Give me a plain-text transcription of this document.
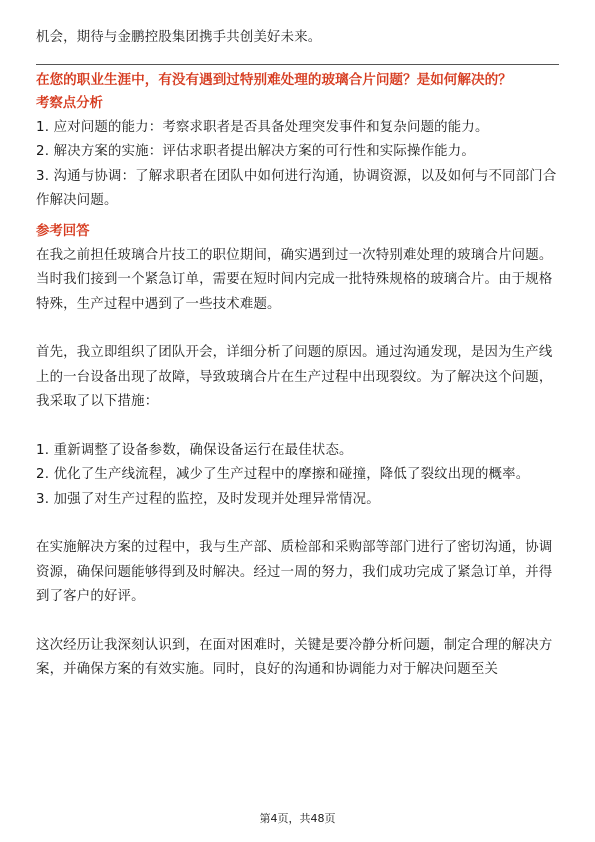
机会，期待与金鹏控股集团携手共创美好未来。

在您的职业生涯中，有没有遇到过特别难处理的玻璃合片问题？是如何解决的？

考察点分析

1. 应对问题的能力：考察求职者是否具备处理突发事件和复杂问题的能力。

2. 解决方案的实施：评估求职者提出解决方案的可行性和实际操作能力。

3. 沟通与协调：了解求职者在团队中如何进行沟通，协调资源，以及如何与不同部门合作解决问题。

参考回答

在我之前担任玻璃合片技工的职位期间，确实遇到过一次特别难处理的玻璃合片问题。当时我们接到一个紧急订单，需要在短时间内完成一批特殊规格的玻璃合片。由于规格特殊，生产过程中遇到了一些技术难题。

首先，我立即组织了团队开会，详细分析了问题的原因。通过沟通发现，是因为生产线上的一台设备出现了故障，导致玻璃合片在生产过程中出现裂纹。为了解决这个问题，我采取了以下措施：

1. 重新调整了设备参数，确保设备运行在最佳状态。

2. 优化了生产线流程，减少了生产过程中的摩擦和碰撞，降低了裂纹出现的概率。

3. 加强了对生产过程的监控，及时发现并处理异常情况。

在实施解决方案的过程中，我与生产部、质检部和采购部等部门进行了密切沟通，协调资源，确保问题能够得到及时解决。经过一周的努力，我们成功完成了紧急订单，并得到了客户的好评。

这次经历让我深刻认识到，在面对困难时，关键是要冷静分析问题，制定合理的解决方案，并确保方案的有效实施。同时，良好的沟通和协调能力对于解决问题至关

第4页，共48页
